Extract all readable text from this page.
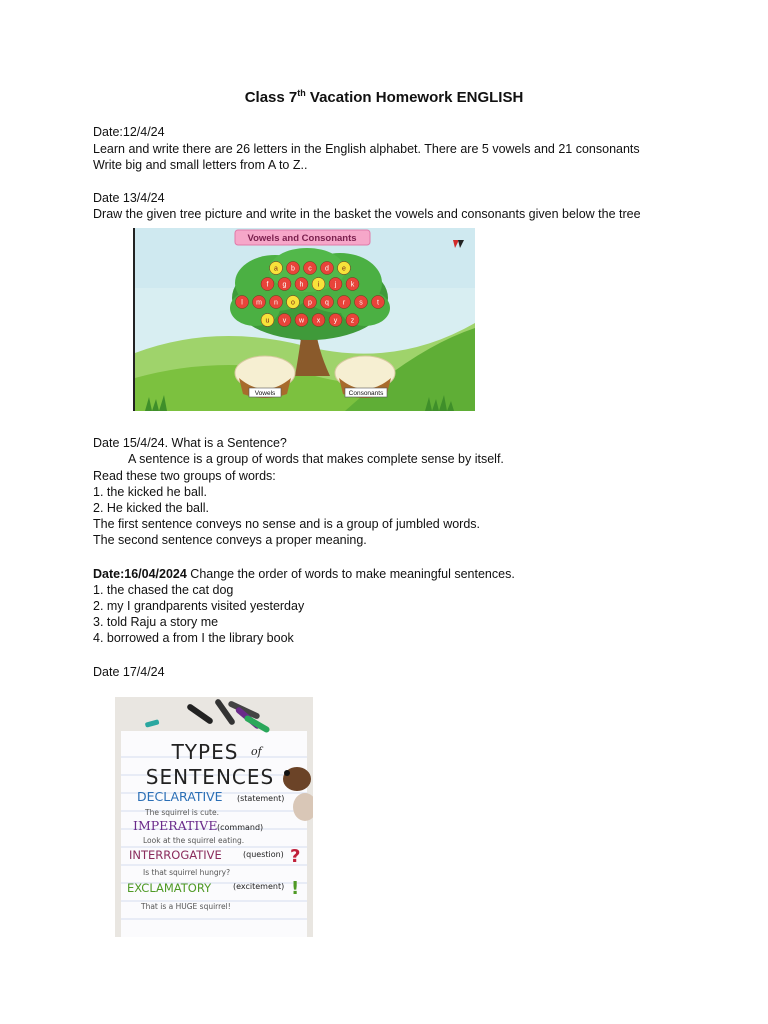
Class 7th Vacation Homework ENGLISH
Date:12/4/24
Learn and write there are 26 letters in the English alphabet. There are 5 vowels and 21 consonants
Write big and small letters from A to Z..
Date 13/4/24
Draw the given tree picture and write in the basket the vowels and consonants given below the tree
Vowels and Consonants
a b c d e
f g h i j k
l m n o p q r s t
u v w x y z
Vowels	Consonants
Date 15/4/24. What is a Sentence?
A sentence is a group of words that makes complete sense by itself.
Read these two groups of words:
1. the kicked he ball.
2. He kicked the ball.
The first sentence conveys no sense and is a group of jumbled words.
The second sentence conveys a proper meaning.
Date:16/04/2024 Change the order of words to make meaningful sentences.
1. the chased the cat dog
2. my I grandparents visited yesterday
3. told Raju a story me
4. borrowed a from I the library book
Date 17/4/24
TYPES of
SENTENCES
DECLARATIVE (statement)
The squirrel is cute.
IMPERATIVE (command)
Look at the squirrel eating.
INTERROGATIVE	(question) ?
Is that squirrel hungry?
EXCLAMATORY	(excitement) !
That is a HUGE squirrel!
